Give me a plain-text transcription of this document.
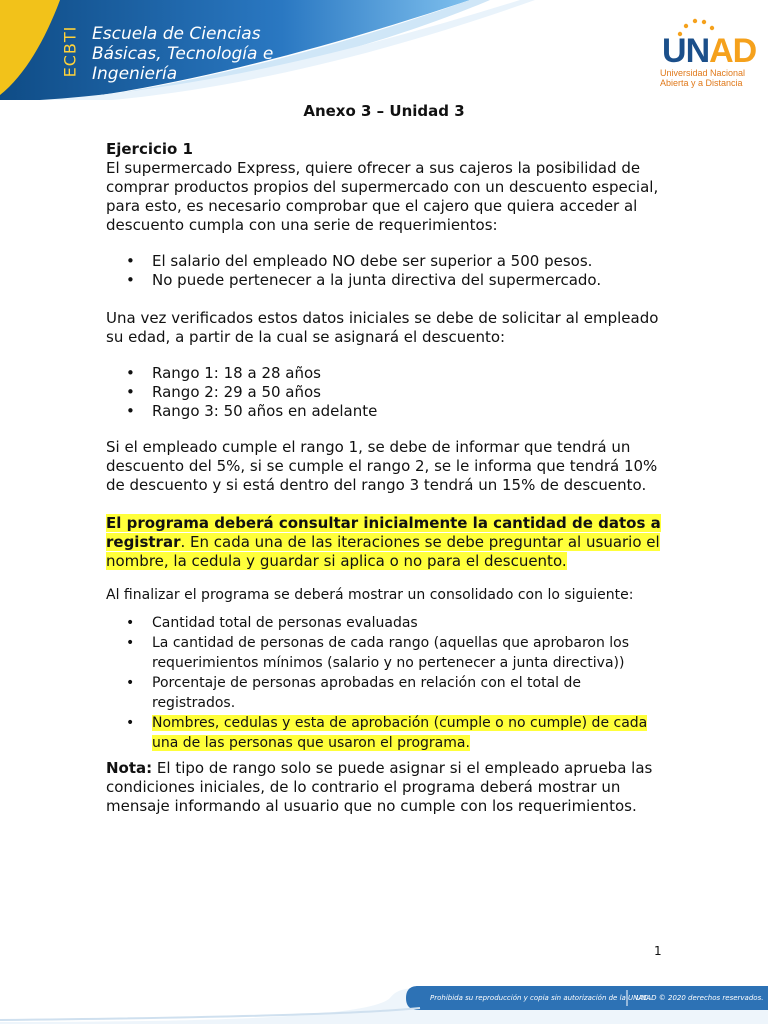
ECBTI Escuela de Ciencias
Básicas, Tecnología e
Ingeniería
UNAD
Universidad Nacional
Abierta y a Distancia
Anexo 3 – Unidad 3

Ejercicio 1

El supermercado Express, quiere ofrecer a sus cajeros la posibilidad de comprar productos propios del supermercado con un descuento especial, para esto, es necesario comprobar que el cajero que quiera acceder al descuento cumpla con una serie de requerimientos:

• El salario del empleado NO debe ser superior a 500 pesos.
• No puede pertenecer a la junta directiva del supermercado.

Una vez verificados estos datos iniciales se debe de solicitar al empleado su edad, a partir de la cual se asignará el descuento:

• Rango 1: 18 a 28 años
• Rango 2: 29 a 50 años
• Rango 3: 50 años en adelante

Si el empleado cumple el rango 1, se debe de informar que tendrá un descuento del 5%, si se cumple el rango 2, se le informa que tendrá 10% de descuento y si está dentro del rango 3 tendrá un 15% de descuento.

El programa deberá consultar inicialmente la cantidad de datos a registrar. En cada una de las iteraciones se debe preguntar al usuario el nombre, la cedula y guardar si aplica o no para el descuento.

Al finalizar el programa se deberá mostrar un consolidado con lo siguiente:

• Cantidad total de personas evaluadas
• La cantidad de personas de cada rango (aquellas que aprobaron los requerimientos mínimos (salario y no pertenecer a junta directiva))
• Porcentaje de personas aprobadas en relación con el total de registrados.
• Nombres, cedulas y esta de aprobación (cumple o no cumple) de cada una de las personas que usaron el programa.

Nota: El tipo de rango solo se puede asignar si el empleado aprueba las condiciones iniciales, de lo contrario el programa deberá mostrar un mensaje informando al usuario que no cumple con los requerimientos.

1
Prohibida su reproducción y copia sin autorización de la UNAD.
UNAD © 2020 derechos reservados.
